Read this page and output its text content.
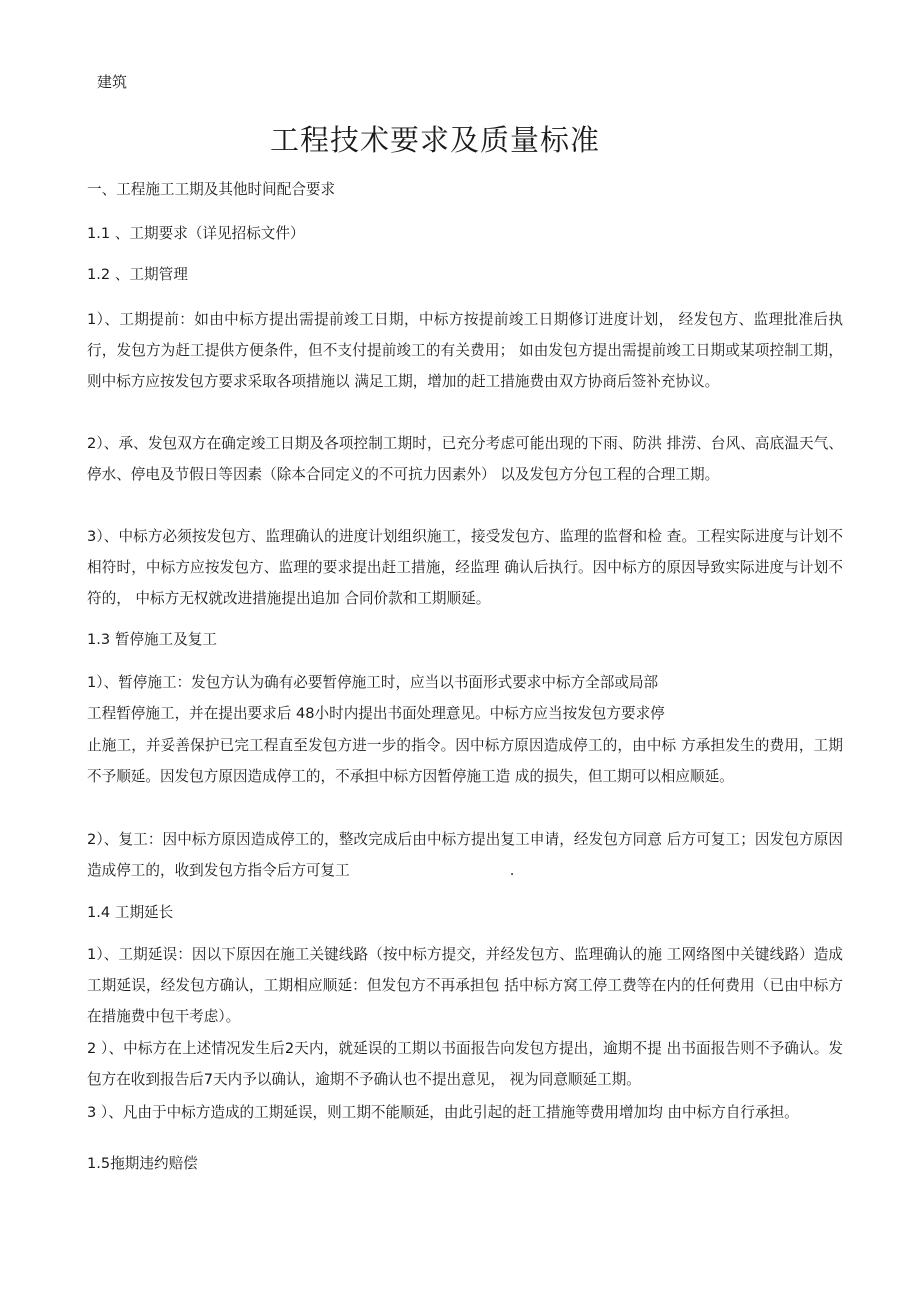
建筑
工程技术要求及质量标准
一、工程施工工期及其他时间配合要求
1.1 、工期要求（详见招标文件）
1.2 、工期管理
1）、工期提前：如由中标方提出需提前竣工日期，中标方按提前竣工日期修订进度计划， 经发包方、监理批准后执行，发包方为赶工提供方便条件，但不支付提前竣工的有关费用； 如由发包方提出需提前竣工日期或某项控制工期， 则中标方应按发包方要求采取各项措施以 满足工期，增加的赶工措施费由双方协商后签补充协议。
2）、承、发包双方在确定竣工日期及各项控制工期时，已充分考虑可能出现的下雨、防洪 排涝、台风、高底温天气、停水、停电及节假日等因素（除本合同定义的不可抗力因素外） 以及发包方分包工程的合理工期。
3）、中标方必须按发包方、监理确认的进度计划组织施工，接受发包方、监理的监督和检 查。工程实际进度与计划不相符时，中标方应按发包方、监理的要求提出赶工措施，经监理 确认后执行。因中标方的原因导致实际进度与计划不符的， 中标方无权就改进措施提出追加 合同价款和工期顺延。
1.3 暂停施工及复工
1）、暂停施工：发包方认为确有必要暂停施工时，应当以书面形式要求中标方全部或局部
工程暂停施工，并在提出要求后 48小时内提出书面处理意见。中标方应当按发包方要求停
止施工，并妥善保护已完工程直至发包方进一步的指令。因中标方原因造成停工的，由中标 方承担发生的费用，工期不予顺延。因发包方原因造成停工的，不承担中标方因暂停施工造 成的损失，但工期可以相应顺延。
2）、复工：因中标方原因造成停工的，整改完成后由中标方提出复工申请，经发包方同意 后方可复工；因发包方原因造成停工的，收到发包方指令后方可复工	.
1.4 工期延长
1）、工期延误：因以下原因在施工关键线路（按中标方提交，并经发包方、监理确认的施 工网络图中关键线路）造成工期延误，经发包方确认，工期相应顺延：但发包方不再承担包 括中标方窝工停工费等在内的任何费用（已由中标方在措施费中包干考虑）。
2 ）、中标方在上述情况发生后2天内，就延误的工期以书面报告向发包方提出，逾期不提 出书面报告则不予确认。发包方在收到报告后7天内予以确认，逾期不予确认也不提出意见， 视为同意顺延工期。
3 ）、凡由于中标方造成的工期延误，则工期不能顺延，由此引起的赶工措施等费用增加均 由中标方自行承担。
1.5拖期违约赔偿
